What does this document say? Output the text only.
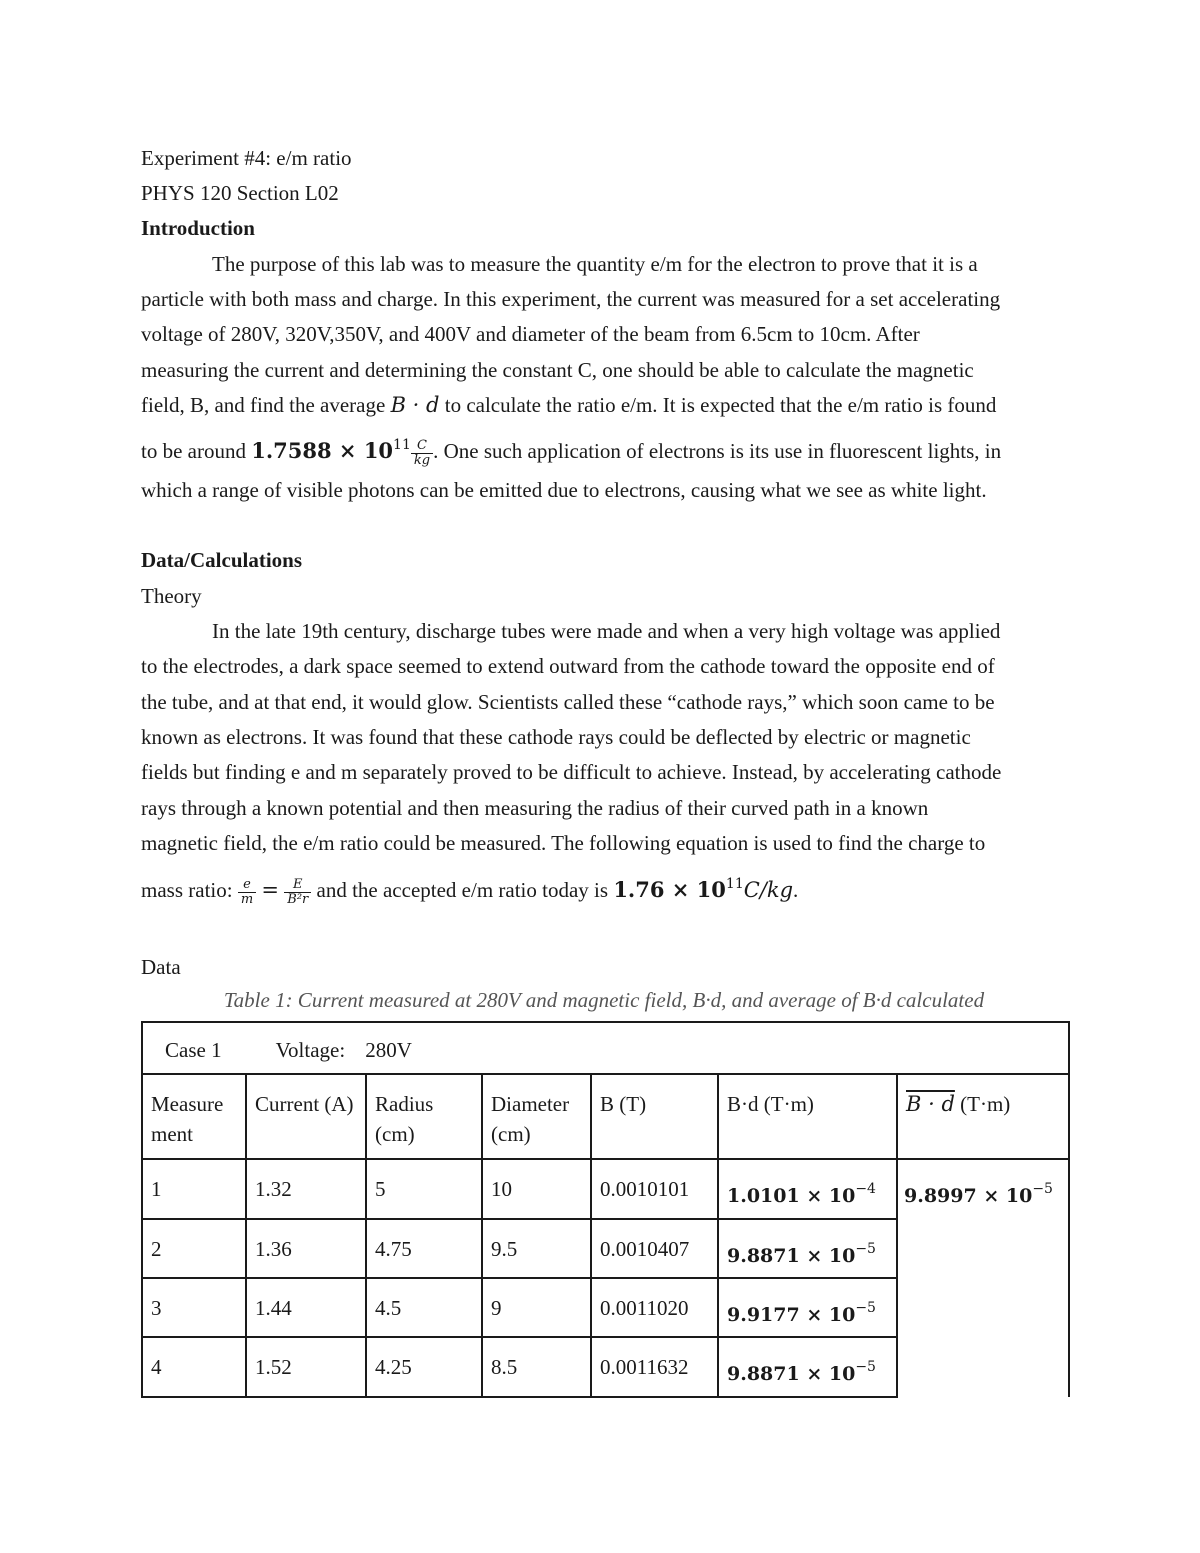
Experiment #4: e/m ratio
PHYS 120 Section L02
Introduction
The purpose of this lab was to measure the quantity e/m for the electron to prove that it is a
particle with both mass and charge. In this experiment, the current was measured for a set accelerating
voltage of 280V, 320V,350V, and 400V and diameter of the beam from 6.5cm to 10cm. After
measuring the current and determining the constant C, one should be able to calculate the magnetic
field, B, and find the average B · d to calculate the ratio e/m. It is expected that the e/m ratio is found
to be around $1.7588 \times 10^{11} \frac{C}{kg}$ . One such application of electrons is its use in fluorescent lights, in
which a range of visible photons can be emitted due to electrons, causing what we see as white light.
Data/Calculations
Theory
In the late 19th century, discharge tubes were made and when a very high voltage was applied
to the electrodes, a dark space seemed to extend outward from the cathode toward the opposite end of
the tube, and at that end, it would glow. Scientists called these “cathode rays,” which soon came to be
known as electrons. It was found that these cathode rays could be deflected by electric or magnetic
fields but finding e and m separately proved to be difficult to achieve. Instead, by accelerating cathode
rays through a known potential and then measuring the radius of their curved path in a known
magnetic field, the e/m ratio could be measured. The following equation is used to find the charge to
mass ratio: $\frac{e}{m} = \frac{E}{\text{B²r}}$ and the accepted e/m ratio today is $1.76 \times 10^{11}C/kg$.
Data
Table 1: Current measured at 280V and magnetic field, B·d, and average of B·d calculated
Case 1 Voltage: 280V						
Measure ment	Current (A)	Radius (cm)	Diameter (cm)	B (T)	B·d (T·m)	B · d (T·m)
1	1.32	5	10	0.0010101	$1.0101 \times 10^{-4}$	$9.8997 \times 10^{-5}$
2	1.36	4.75	9.5	0.0010407	$9.8871 \times 10^{-5}$	
3	1.44	4.5	9	0.0011020	$9.9177 \times 10^{-5}$	
4	1.52	4.25	8.5	0.0011632	$9.8871 \times 10^{-5}$	
